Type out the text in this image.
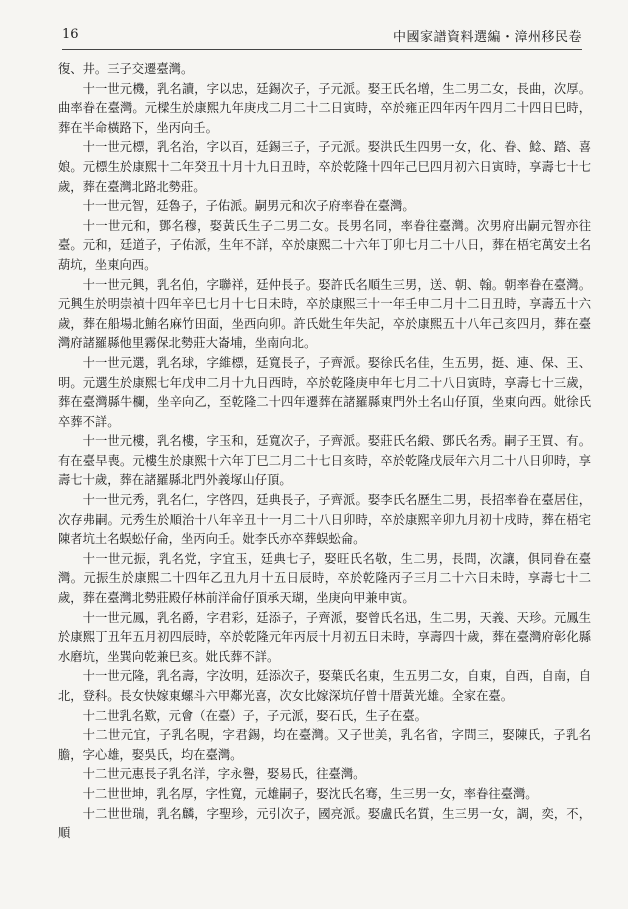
16	中國家譜資料選編・漳州移民卷

復、井。三子交遷臺灣。

十一世元機，乳名讀，字以忠，廷錫次子，子元派。娶王氏名增，生二男二女，長曲，次厚。曲率眷在臺灣。元樑生於康熙九年庚戌二月二十二日寅時，卒於雍正四年丙午四月二十四日巳時，葬在半命橫路下，坐丙向壬。

十一世元標，乳名治，字以百，廷錫三子，子元派。娶洪氏生四男一女，化、眷、鯰、踏、喜娘。元標生於康熙十二年癸丑十月十九日丑時，卒於乾隆十四年己巳四月初六日寅時，享壽七十七歲，葬在臺灣北路北勢莊。

十一世元智，廷魯子，子佑派。嗣男元和次子府率眷在臺灣。

十一世元和，鄧名穆，娶黃氏生子二男二女。長男名同，率眷往臺灣。次男府出嗣元智亦往臺。元和，廷道子，子佑派，生年不詳，卒於康熙二十六年丁卯七月二十八日，葬在梧宅萬安土名葫坑，坐東向西。

十一世元興，乳名伯，字聯祥，廷仲長子。娶許氏名順生三男，送、朝、翰。朝率眷在臺灣。元興生於明崇禎十四年辛巳七月十七日未時，卒於康熙三十一年壬申二月十二日丑時，享壽五十六歲，葬在船場北鮪名麻竹田面，坐西向卯。許氏妣生年失記，卒於康熙五十八年己亥四月，葬在臺灣府諸羅縣他里霧保北勢莊大崙埔，坐南向北。

十一世元選，乳名球，字維標，廷寬長子，子齊派。娶徐氏名佳，生五男，挺、連、保、王、明。元選生於康熙七年戊申二月十九日西時，卒於乾隆庚申年七月二十八日寅時，享壽七十三歲，葬在臺灣縣牛欄，坐辛向乙，至乾隆二十四年遷葬在諸羅縣東門外土名山仔頂，坐東向西。妣徐氏卒葬不詳。

十一世元樓，乳名樓，字玉和，廷寬次子，子齊派。娶莊氏名緞、鄧氏名秀。嗣子王買、有。有在臺早喪。元樓生於康熙十六年丁巳二月二十七日亥時，卒於乾隆戊辰年六月二十八日卯時，享壽七十歲，葬在諸羅縣北門外義塚山仔頂。

十一世元秀，乳名仁，字啓四，廷典長子，子齊派。娶李氏名歷生二男，長招率眷在臺居住，次存弗嗣。元秀生於順治十八年辛丑十一月二十八日卯時，卒於康熙辛卯九月初十戌時，葬在梧宅陳者坑土名蜈蚣仔侖，坐丙向壬。妣李氏亦卒葬蜈蚣侖。

十一世元振，乳名党，字宜玉，廷典七子，娶旺氏名敬，生二男，長問，次讓，俱同眷在臺灣。元振生於康熙二十四年乙丑九月十五日辰時，卒於乾隆丙子三月二十六日未時，享壽七十二歲，葬在臺灣北勢莊殿仔林前洋侖仔頂承天瑚，坐庚向甲兼申寅。

十一世元鳳，乳名爵，字君彩，廷添子，子齊派，娶曾氏名迅，生二男，天義、天珍。元鳳生於康熙丁丑年五月初四辰時，卒於乾隆元年丙辰十月初五日未時，享壽四十歲，葬在臺灣府彰化縣水磨坑，坐巽向乾兼巳亥。妣氏葬不詳。

十一世元隆，乳名壽，字汝明，廷添次子，娶葉氏名東，生五男二女，自東，自西，自南，自北，登科。長女快嫁東螺斗六甲鄰光喜，次女比嫁深坑仔曾十厝黃光雄。全家在臺。

十二世乳名歎，元會（在臺）子，子元派，娶石氏，生子在臺。

十二世元宜，子乳名晛，字君錫，均在臺灣。又子世美，乳名省，字問三，娶陳氏，子乳名膽，字心雄，娶吳氏，均在臺灣。

十二世元惠長子乳名洋，字永譽，娶易氏，往臺灣。

十二世世坤，乳名厚，字性寬，元雄嗣子，娶沈氏名骞，生三男一女，率眷往臺灣。

十二世世瑞，乳名麟，字聖珍，元引次子，國亮派。娶盧氏名質，生三男一女，調，奕，不，順
